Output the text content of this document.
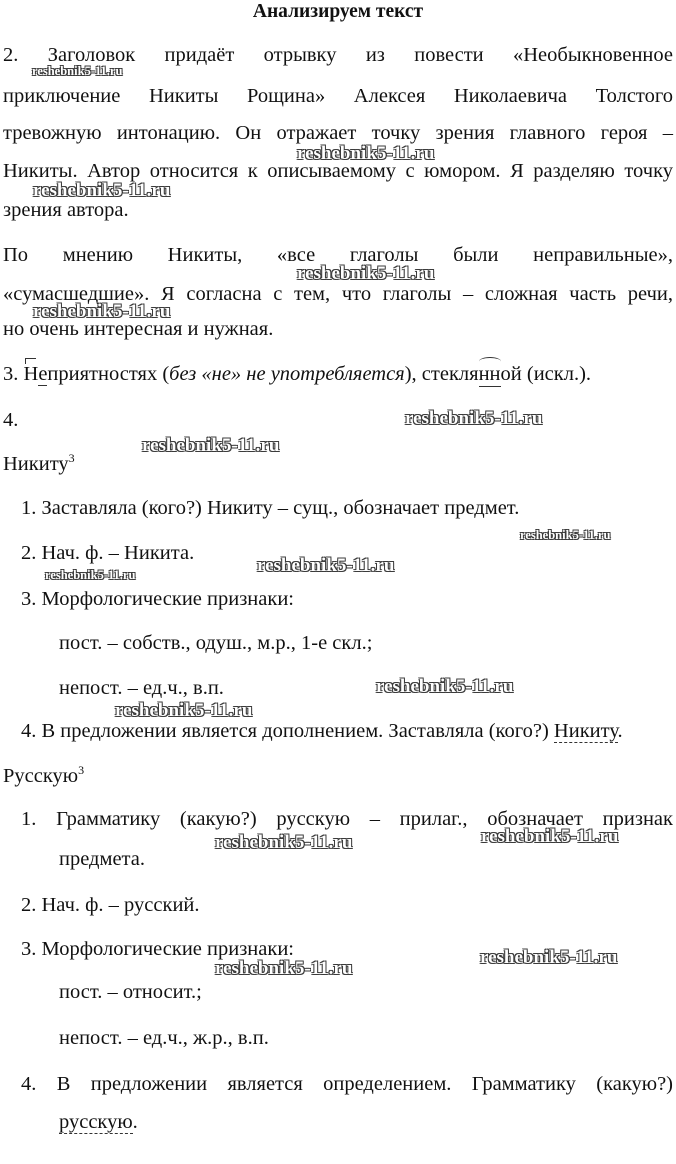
Анализируем текст
2. Заголовок придаёт отрывку из повести «Необыкновенное
приключение Никиты Рощина» Алексея Николаевича Толстого
тревожную интонацию. Он отражает точку зрения главного героя –
Никиты. Автор относится к описываемому с юмором. Я разделяю точку
зрения автора.
По мнению Никиты, «все глаголы были неправильные»,
«сумасшедшие». Я согласна с тем, что глаголы – сложная часть речи,
но очень интересная и нужная.
3. Неприятностях (без «не» не употребляется), стеклянной (искл.).
4.
Никиту$^3$
1. Заставляла (кого?) Никиту – сущ., обозначает предмет.
2. Нач. ф. – Никита.
3. Морфологические признаки:
пост. – собств., одуш., м.р., 1-е скл.;
непост. – ед.ч., в.п.
4. В предложении является дополнением. Заставляла (кого?) Никиту.
Русскую$^3$
1. Грамматику (какую?) русскую – прилаг., обозначает признак
предмета.
2. Нач. ф. – русский.
3. Морфологические признаки:
пост. – относит.;
непост. – ед.ч., ж.р., в.п.
4. В предложении является определением. Грамматику (какую?)
русскую.
reshebnik5-11.ru
reshebnik5-11.ru
reshebnik5-11.ru
reshebnik5-11.ru
reshebnik5-11.ru
reshebnik5-11.ru
reshebnik5-11.ru
reshebnik5-11.ru
reshebnik5-11.ru	reshebnik5-11.ru
reshebnik5-11.ru
reshebnik5-11.ru
reshebnik5-11.ru
reshebnik5-11.ru
reshebnik5-11.ru
reshebnik5-11.ru
